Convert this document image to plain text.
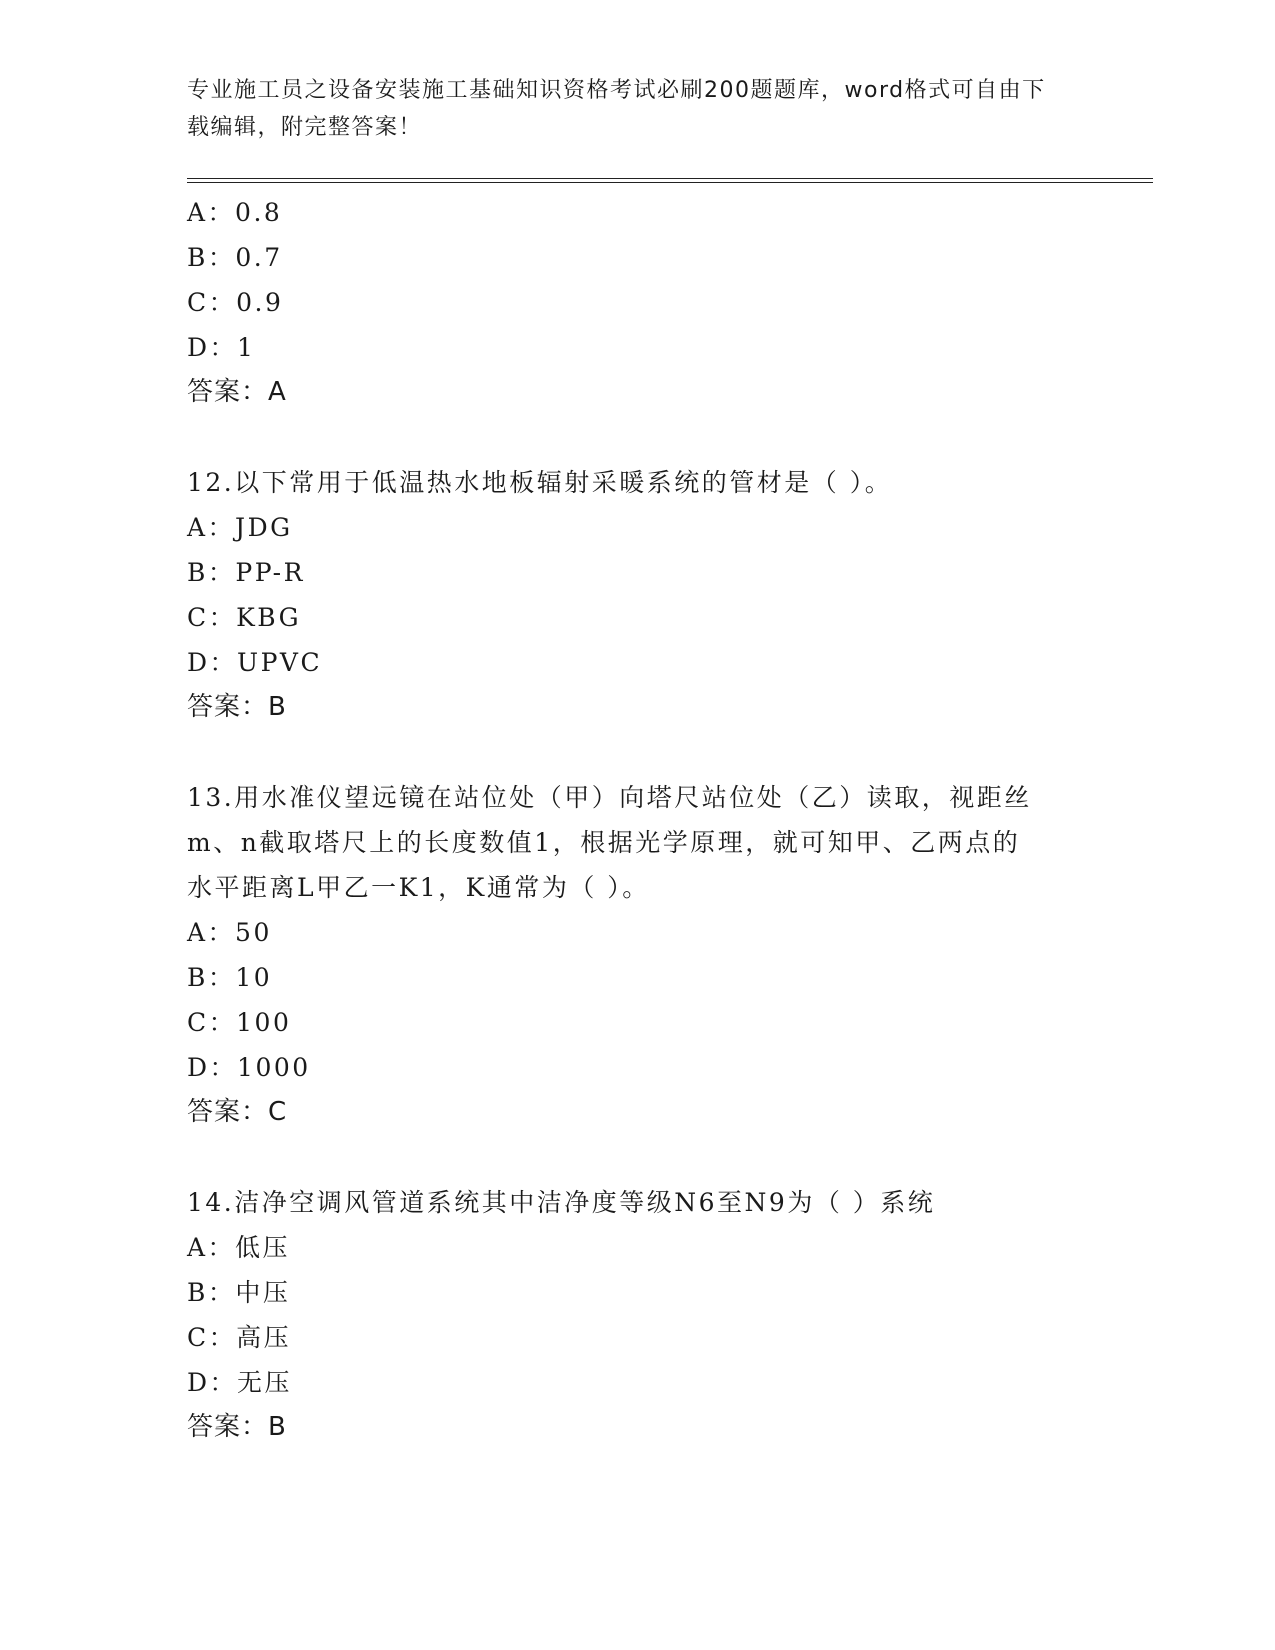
专业施工员之设备安装施工基础知识资格考试必刷200题题库，word格式可自由下载编辑，附完整答案！
A：0.8
B：0.7
C：0.9
D：1
答案：A
12.以下常用于低温热水地板辐射采暖系统的管材是（ ）。
A：JDG
B：PP-R
C：KBG
D：UPVC
答案：B
13.用水准仪望远镜在站位处（甲）向塔尺站位处（乙）读取，视距丝
m、n截取塔尺上的长度数值1，根据光学原理，就可知甲、乙两点的
水平距离L甲乙一K1，K通常为（ ）。
A：50
B：10
C：100
D：1000
答案：C
14.洁净空调风管道系统其中洁净度等级N6至N9为（ ）系统
A：低压
B：中压
C：高压
D：无压
答案：B
